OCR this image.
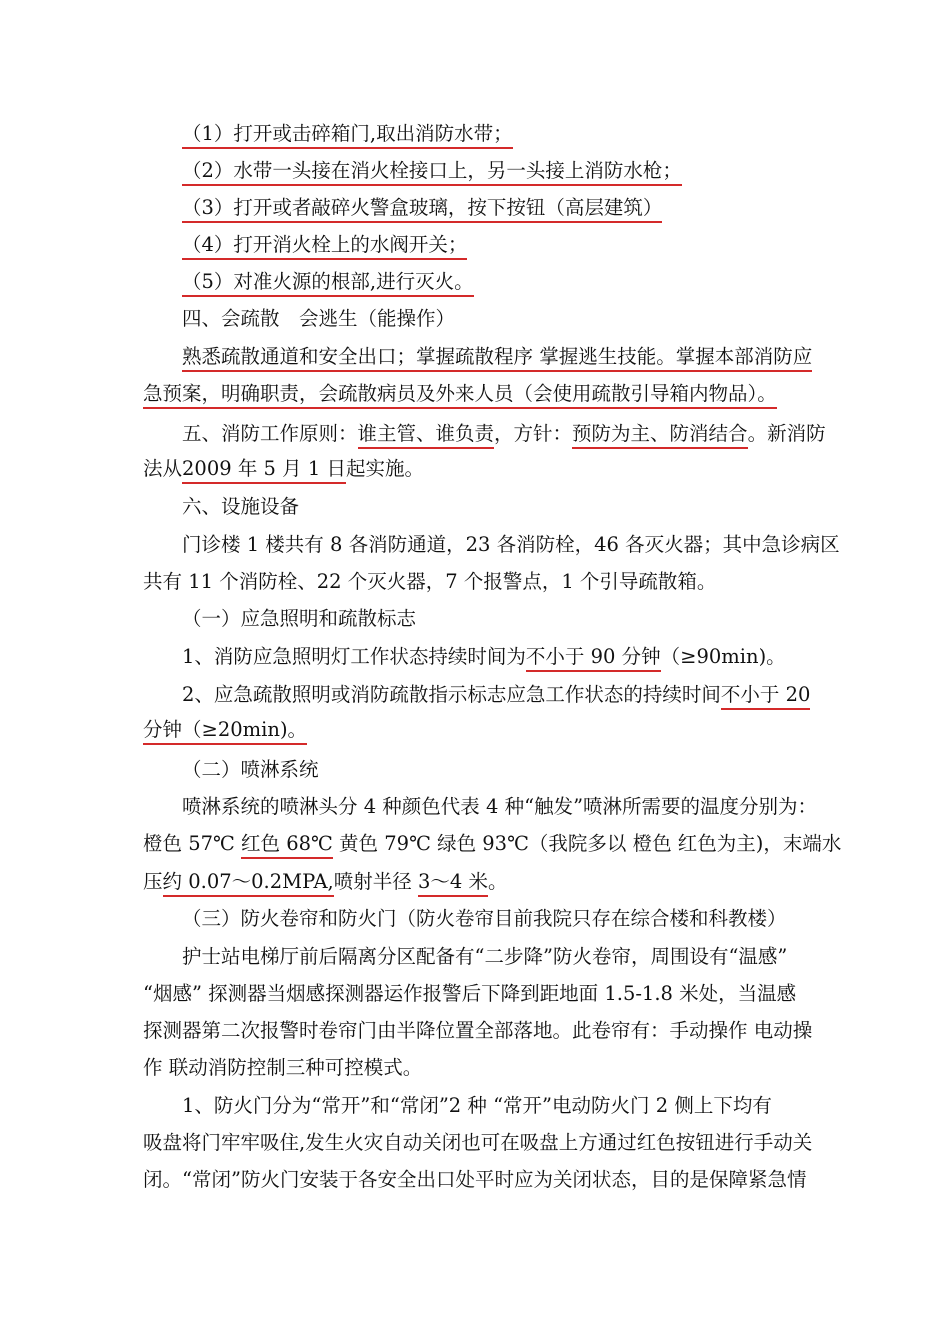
（1）打开或击碎箱门,取出消防水带；
（2）水带一头接在消火栓接口上，另一头接上消防水枪；
（3）打开或者敲碎火警盒玻璃，按下按钮（高层建筑）
（4）打开消火栓上的水阀开关；
（5）对准火源的根部,进行灭火。
四、会疏散　会逃生（能操作）
熟悉疏散通道和安全出口；掌握疏散程序 掌握逃生技能。掌握本部消防应
急预案，明确职责，会疏散病员及外来人员（会使用疏散引导箱内物品）。
五、消防工作原则：谁主管、谁负责，方针：预防为主、防消结合。新消防
法从2009 年 5 月 1 日起实施。
六、设施设备
门诊楼 1 楼共有 8 各消防通道，23 各消防栓，46 各灭火器；其中急诊病区
共有 11 个消防栓、22 个灭火器，7 个报警点，1 个引导疏散箱。
（一）应急照明和疏散标志
1、消防应急照明灯工作状态持续时间为不小于 90 分钟（≥90min)。
2、应急疏散照明或消防疏散指示标志应急工作状态的持续时间不小于 20
分钟（≥20min)。
（二）喷淋系统
喷淋系统的喷淋头分 4 种颜色代表 4 种“触发”喷淋所需要的温度分别为：
橙色 57℃ 红色 68℃ 黄色 79℃ 绿色 93℃（我院多以 橙色 红色为主)，末端水
压约 0.07～0.2MPA,喷射半径 3～4 米。
（三）防火卷帘和防火门（防火卷帘目前我院只存在综合楼和科教楼）
护士站电梯厅前后隔离分区配备有“二步降”防火卷帘，周围设有“温感”
“烟感” 探测器当烟感探测器运作报警后下降到距地面 1.5-1.8 米处，当温感
探测器第二次报警时卷帘门由半降位置全部落地。此卷帘有：手动操作 电动操
作 联动消防控制三种可控模式。
1、防火门分为“常开”和“常闭”2 种 “常开”电动防火门 2 侧上下均有
吸盘将门牢牢吸住,发生火灾自动关闭也可在吸盘上方通过红色按钮进行手动关
闭。“常闭”防火门安装于各安全出口处平时应为关闭状态，目的是保障紧急情
